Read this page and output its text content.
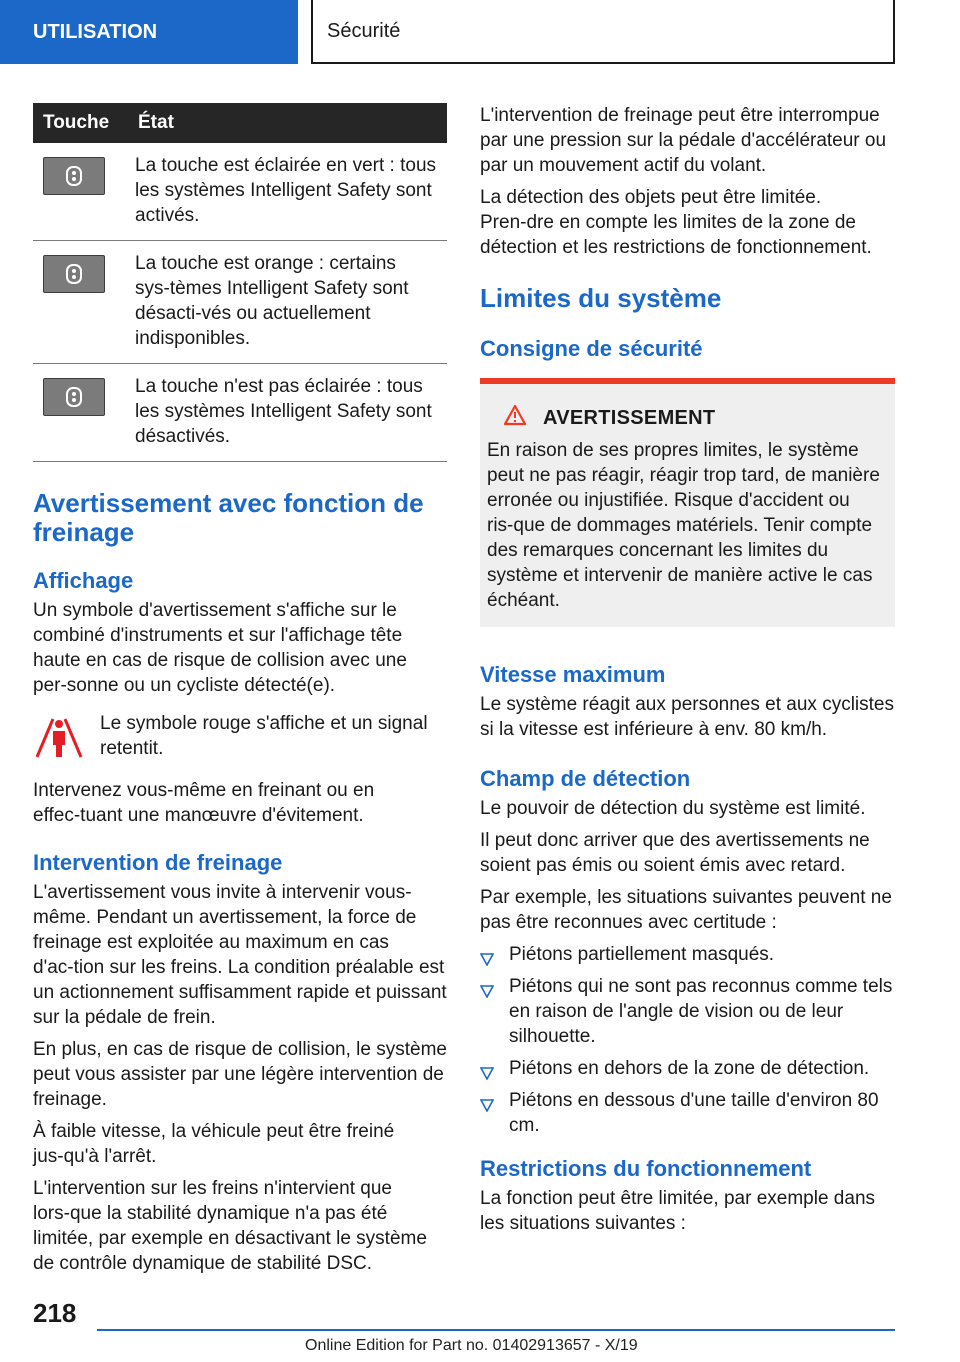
UTILISATION	Sécurité
Touche	État

	La touche est éclairée en vert : tous les systèmes Intelligent Safety sont activés.

	La touche est orange : certains sys‑tèmes Intelligent Safety sont désacti‑vés ou actuellement indisponibles.

	La touche n'est pas éclairée : tous les systèmes Intelligent Safety sont désactivés.
Avertissement avec fonction de freinage
Affichage

Un symbole d'avertissement s'affiche sur le combiné d'instruments et sur l'affichage tête haute en cas de risque de collision avec une per‑sonne ou un cycliste détecté(e).

Le symbole rouge s'affiche et un signal retentit.

Intervenez vous-même en freinant ou en effec‑tuant une manœuvre d'évitement.

Intervention de freinage

L'avertissement vous invite à intervenir vous-même. Pendant un avertissement, la force de freinage est exploitée au maximum en cas d'ac‑tion sur les freins. La condition préalable est un actionnement suffisamment rapide et puissant sur la pédale de frein.

En plus, en cas de risque de collision, le système peut vous assister par une légère intervention de freinage.

À faible vitesse, la véhicule peut être freiné jus‑qu'à l'arrêt.

L'intervention sur les freins n'intervient que lors‑que la stabilité dynamique n'a pas été limitée, par exemple en désactivant le système de contrôle dynamique de stabilité DSC.

L'intervention de freinage peut être interrompue par une pression sur la pédale d'accélérateur ou par un mouvement actif du volant.

La détection des objets peut être limitée. Pren‑dre en compte les limites de la zone de détection et les restrictions de fonctionnement.

Limites du système
Consigne de sécurité
AVERTISSEMENT

En raison de ses propres limites, le système peut ne pas réagir, réagir trop tard, de manière erronée ou injustifiée. Risque d'accident ou ris‑que de dommages matériels. Tenir compte des remarques concernant les limites du système et intervenir de manière active le cas échéant.

Vitesse maximum

Le système réagit aux personnes et aux cyclistes si la vitesse est inférieure à env. 80 km/h.

Champ de détection

Le pouvoir de détection du système est limité.

Il peut donc arriver que des avertissements ne soient pas émis ou soient émis avec retard.

Par exemple, les situations suivantes peuvent ne pas être reconnues avec certitude :

Piétons partiellement masqués.
Piétons qui ne sont pas reconnus comme tels en raison de l'angle de vision ou de leur silhouette.
Piétons en dehors de la zone de détection.
Piétons en dessous d'une taille d'environ 80 cm.
Restrictions du fonctionnement

La fonction peut être limitée, par exemple dans les situations suivantes :

218
Online Edition for Part no. 01402913657 - X/19
